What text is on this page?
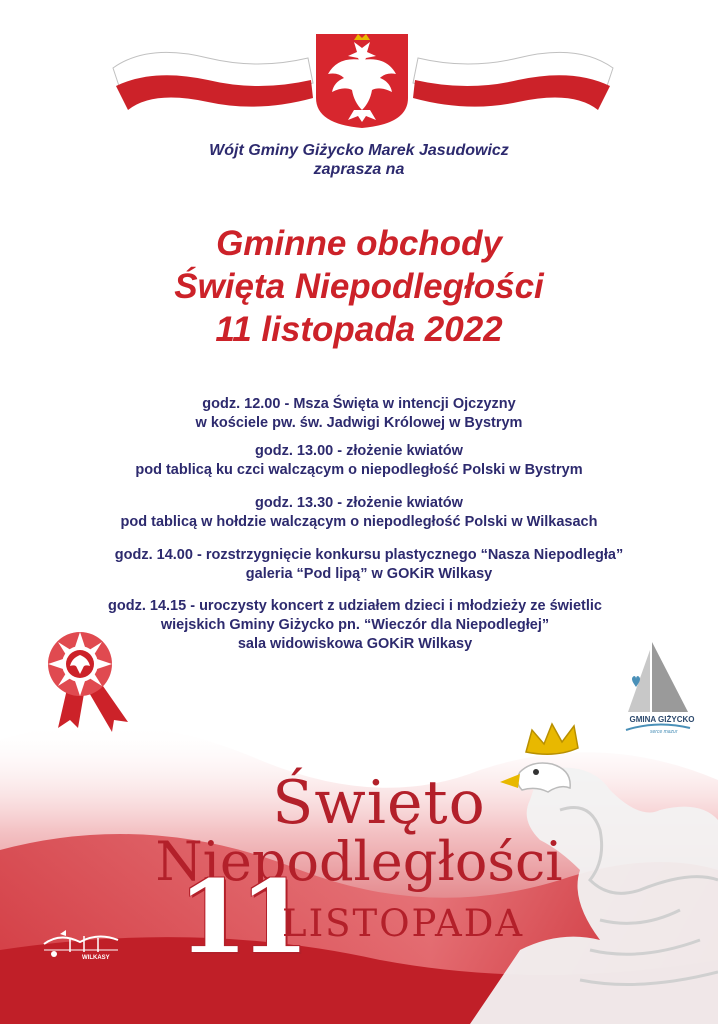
Wójt Gminy Giżycko Marek Jasudowicz
zaprasza na
Gminne obchody
Święta Niepodległości
11 listopada 2022
godz. 12.00 - Msza Święta w intencji Ojczyzny
w kościele pw. św. Jadwigi Królowej w Bystrym
godz. 13.00 - złożenie kwiatów
pod tablicą ku czci walczącym o niepodległość Polski w Bystrym
godz. 13.30 - złożenie kwiatów
pod tablicą w hołdzie walczącym o niepodległość Polski w Wilkasach
godz. 14.00 - rozstrzygnięcie konkursu plastycznego “Nasza Niepodległa”
galeria “Pod lipą” w GOKiR Wilkasy
godz. 14.15 - uroczysty koncert z udziałem dzieci i młodzieży ze świetlic
wiejskich Gminy Giżycko pn. “Wieczór dla Niepodległej”
sala widowiskowa GOKiR Wilkasy
GMINA GIŻYCKO
serce mazur
Święto
Niepodległości
11
LISTOPADA
WILKASY
